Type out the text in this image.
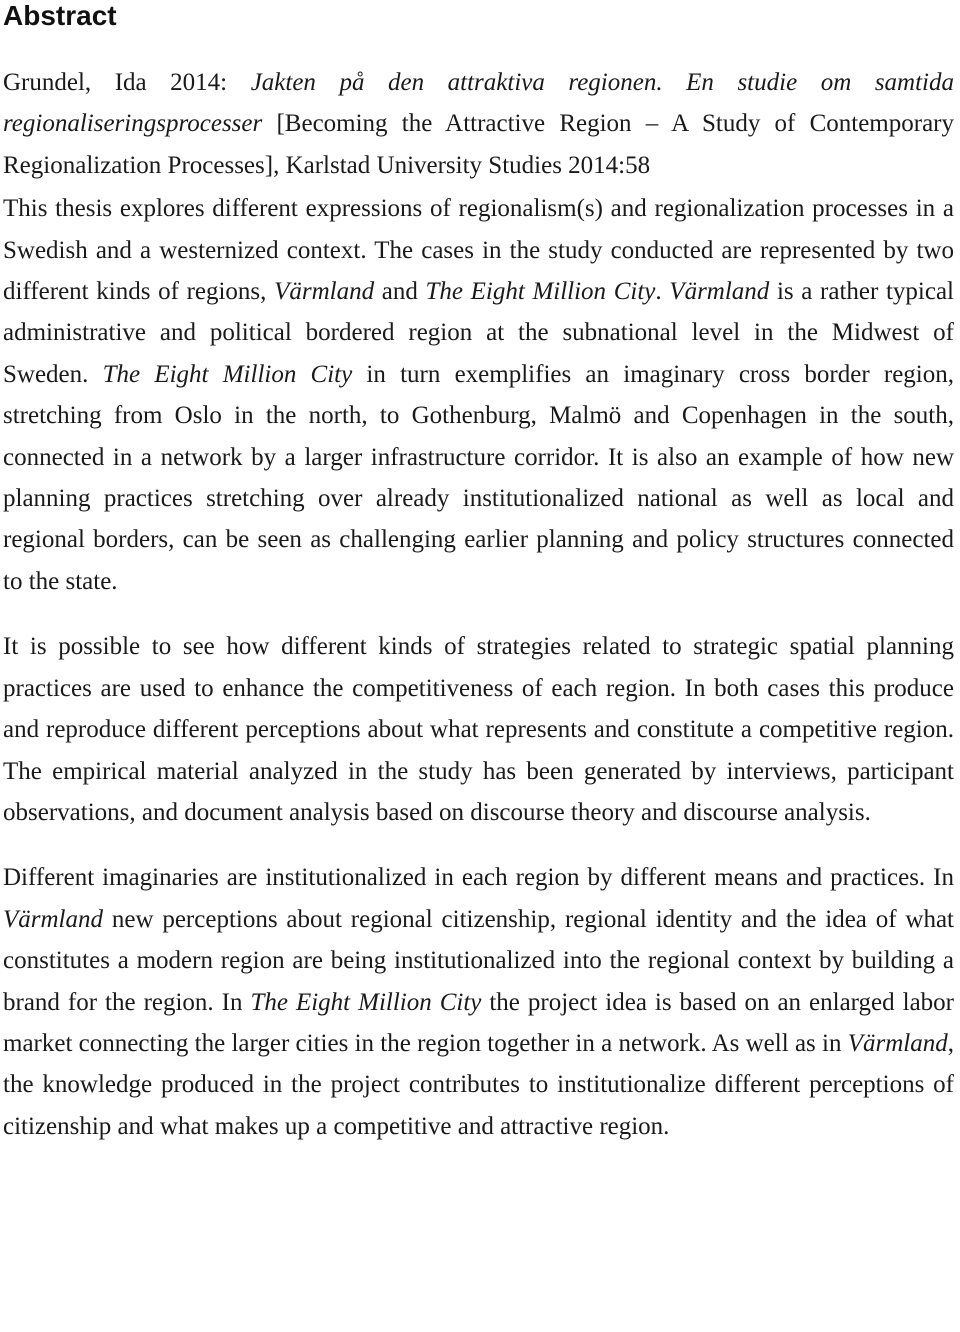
Abstract

Grundel, Ida 2014: Jakten på den attraktiva regionen. En studie om samtida regionaliseringsprocesser [Becoming the Attractive Region – A Study of Contemporary Regionalization Processes], Karlstad University Studies 2014:58

This thesis explores different expressions of regionalism(s) and regionalization processes in a Swedish and a westernized context. The cases in the study conducted are represented by two different kinds of regions, Värmland and The Eight Million City. Värmland is a rather typical administrative and political bordered region at the subnational level in the Midwest of Sweden. The Eight Million City in turn exemplifies an imaginary cross border region, stretching from Oslo in the north, to Gothenburg, Malmö and Copenhagen in the south, connected in a network by a larger infrastructure corridor. It is also an example of how new planning practices stretching over already institutionalized national as well as local and regional borders, can be seen as challenging earlier planning and policy structures connected to the state.

It is possible to see how different kinds of strategies related to strategic spatial planning practices are used to enhance the competitiveness of each region. In both cases this produce and reproduce different perceptions about what represents and constitute a competitive region. The empirical material analyzed in the study has been generated by interviews, participant observations, and document analysis based on discourse theory and discourse analysis.

Different imaginaries are institutionalized in each region by different means and practices. In Värmland new perceptions about regional citizenship, regional identity and the idea of what constitutes a modern region are being institutionalized into the regional context by building a brand for the region. In The Eight Million City the project idea is based on an enlarged labor market connecting the larger cities in the region together in a network. As well as in Värmland, the knowledge produced in the project contributes to institutionalize different perceptions of citizenship and what makes up a competitive and attractive region.
